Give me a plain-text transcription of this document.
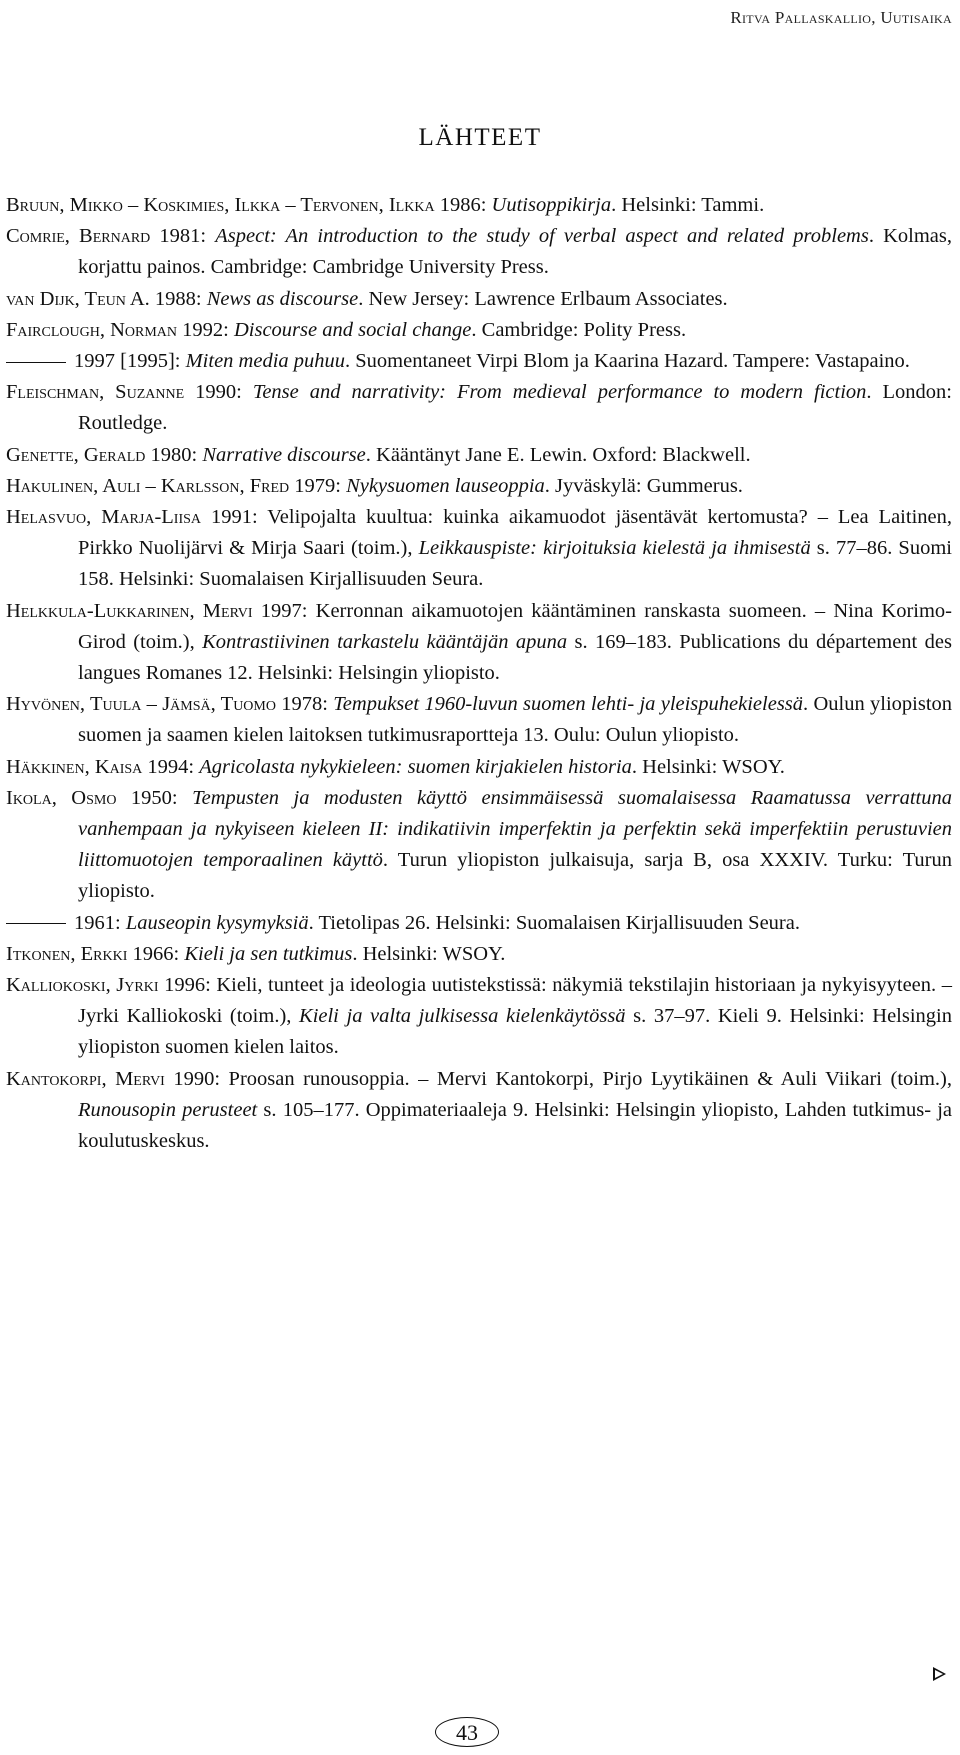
Ritva Pallaskallio, Uutisaika
LÄHTEET

Bruun, Mikko – Koskimies, Ilkka – Tervonen, Ilkka 1986: Uutisoppikirja. Helsinki: Tammi.

Comrie, Bernard 1981: Aspect: An introduction to the study of verbal aspect and related problems. Kolmas, korjattu painos. Cambridge: Cambridge University Press.

van Dijk, Teun A. 1988: News as discourse. New Jersey: Lawrence Erlbaum Associates.

Fairclough, Norman 1992: Discourse and social change. Cambridge: Polity Press.

1997 [1995]: Miten media puhuu. Suomentaneet Virpi Blom ja Kaarina Hazard. Tampere: Vastapaino.

Fleischman, Suzanne 1990: Tense and narrativity: From medieval performance to modern fiction. London: Routledge.

Genette, Gerald 1980: Narrative discourse. Kääntänyt Jane E. Lewin. Oxford: Blackwell.

Hakulinen, Auli – Karlsson, Fred 1979: Nykysuomen lauseoppia. Jyväskylä: Gummerus.

Helasvuo, Marja-Liisa 1991: Velipojalta kuultua: kuinka aikamuodot jäsentävät kertomusta? – Lea Laitinen, Pirkko Nuolijärvi & Mirja Saari (toim.), Leikkauspiste: kirjoituksia kielestä ja ihmisestä s. 77–86. Suomi 158. Helsinki: Suomalaisen Kirjallisuuden Seura.

Helkkula-Lukkarinen, Mervi 1997: Kerronnan aikamuotojen kääntäminen ranskasta suomeen. – Nina Korimo-Girod (toim.), Kontrastiivinen tarkastelu kääntäjän apuna s. 169–183. Publications du département des langues Romanes 12. Helsinki: Helsingin yliopisto.

Hyvönen, Tuula – Jämsä, Tuomo 1978: Tempukset 1960-luvun suomen lehti- ja yleispuhekielessä. Oulun yliopiston suomen ja saamen kielen laitoksen tutkimusraportteja 13. Oulu: Oulun yliopisto.

Häkkinen, Kaisa 1994: Agricolasta nykykieleen: suomen kirjakielen historia. Helsinki: WSOY.

Ikola, Osmo 1950: Tempusten ja modusten käyttö ensimmäisessä suomalaisessa Raamatussa verrattuna vanhempaan ja nykyiseen kieleen II: indikatiivin imperfektin ja perfektin sekä imperfektiin perustuvien liittomuotojen temporaalinen käyttö. Turun yliopiston julkaisuja, sarja B, osa XXXIV. Turku: Turun yliopisto.

1961: Lauseopin kysymyksiä. Tietolipas 26. Helsinki: Suomalaisen Kirjallisuuden Seura.

Itkonen, Erkki 1966: Kieli ja sen tutkimus. Helsinki: WSOY.

Kalliokoski, Jyrki 1996: Kieli, tunteet ja ideologia uutistekstissä: näkymiä tekstilajin historiaan ja nykyisyyteen. – Jyrki Kalliokoski (toim.), Kieli ja valta julkisessa kielenkäytössä s. 37–97. Kieli 9. Helsinki: Helsingin yliopiston suomen kielen laitos.

Kantokorpi, Mervi 1990: Proosan runousoppia. – Mervi Kantokorpi, Pirjo Lyytikäinen & Auli Viikari (toim.), Runousopin perusteet s. 105–177. Oppimateriaaleja 9. Helsinki: Helsingin yliopisto, Lahden tutkimus- ja koulutuskeskus.

43
